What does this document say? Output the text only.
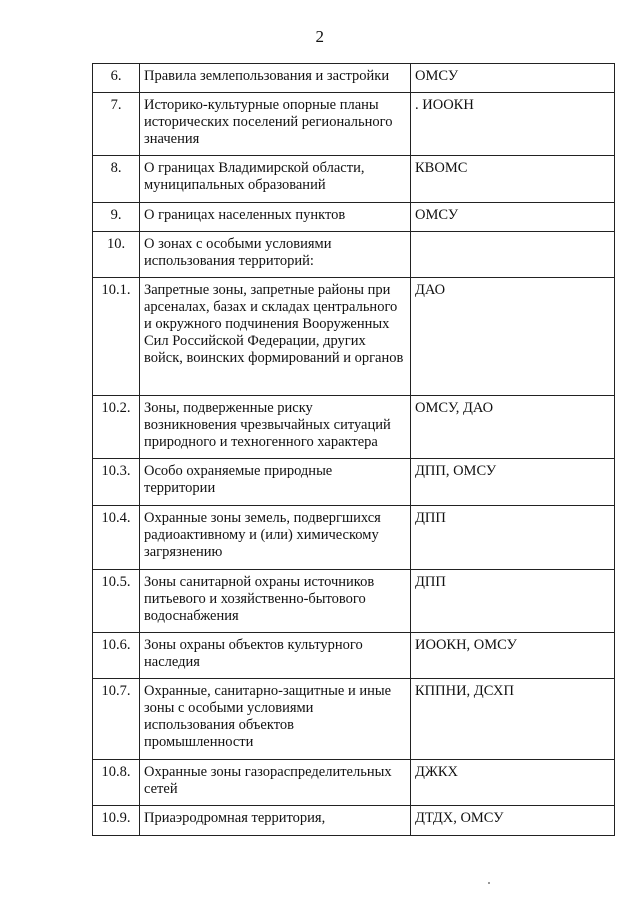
2
6.	Правила землепользования и застройки	ОМСУ
7.	Историко-культурные опорные планы исторических поселений регионального значения	. ИООКН
8.	О границах Владимирской области, муниципальных образований	КВОМС
9.	О границах населенных пунктов	ОМСУ
10.	О зонах с особыми условиями использования территорий:	
10.1.	Запретные зоны, запретные районы при арсеналах, базах и складах центрального и окружного подчинения Вооруженных Сил Российской Федерации, других войск, воинских формирований и органов	ДАО
10.2.	Зоны, подверженные риску возникновения чрезвычайных ситуаций природного и техногенного характера	ОМСУ, ДАО
10.3.	Особо охраняемые природные территории	ДПП, ОМСУ
10.4.	Охранные зоны земель, подвергшихся радиоактивному и (или) химическому загрязнению	ДПП
10.5.	Зоны санитарной охраны источников питьевого и хозяйственно-бытового водоснабжения	ДПП
10.6.	Зоны охраны объектов культурного наследия	ИООКН, ОМСУ
10.7.	Охранные, санитарно-защитные и иные зоны с особыми условиями использования объектов промышленности	КППНИ, ДСХП
10.8.	Охранные зоны газораспределительных сетей	ДЖКХ
10.9.	Приаэродромная территория,	ДТДХ, ОМСУ
